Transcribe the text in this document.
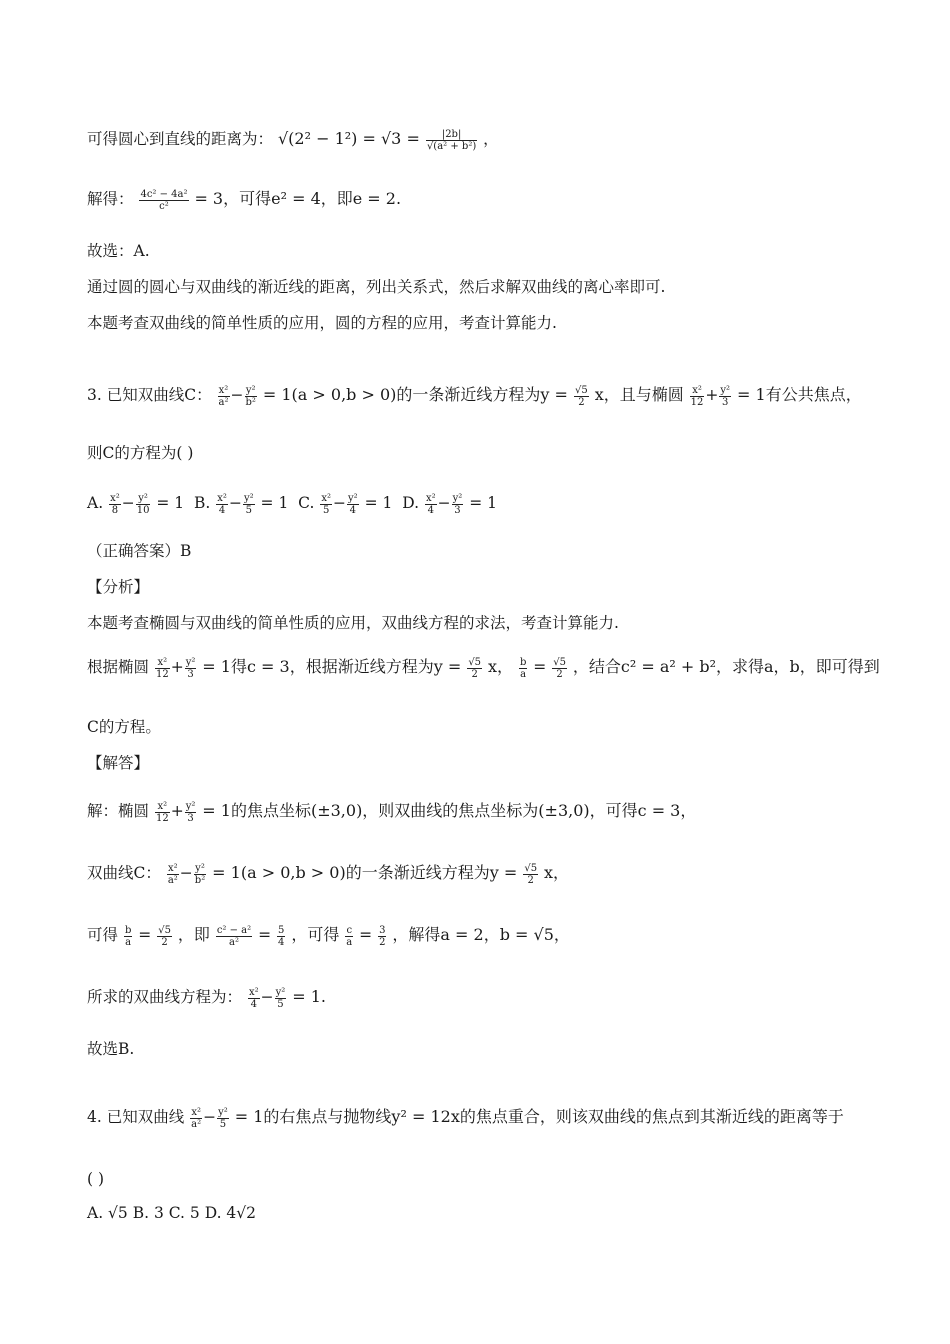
可得圆心到直线的距离为： $√(2^2 - 1^2) = √3 = \frac{|2b|}{\text{√(a² + b²)}}$ ，
解得： $\frac{\text{4c² − 4a²}}{\text{c²}} = 3$，可得e² = 4，即e = 2.
故选：A.
通过圆的圆心与双曲线的渐近线的距离，列出关系式，然后求解双曲线的离心率即可.
本题考查双曲线的简单性质的应用，圆的方程的应用，考查计算能力.
3. 已知双曲线C： $\frac{\text{x²}}{\text{a²}} - \frac{\text{y²}}{\text{b²}} = 1(a > 0,b > 0)$的一条渐近线方程为$y = \frac{√5}{2}$ x，且与椭圆 $\frac{\text{x²}}{12} + \frac{\text{y²}}{3} = 1$有公共焦点，
则C的方程为( )
A. $\frac{\text{x²}}{8} - \frac{\text{y²}}{10} = 1$  B. $\frac{\text{x²}}{4} - \frac{\text{y²}}{5} = 1$  C. $\frac{\text{x²}}{5} - \frac{\text{y²}}{4} = 1$  D. $\frac{\text{x²}}{4} - \frac{\text{y²}}{3} = 1$
（正确答案）B
【分析】
本题考查椭圆与双曲线的简单性质的应用，双曲线方程的求法，考查计算能力.
根据椭圆 $\frac{\text{x²}}{12} + \frac{\text{y²}}{3} = 1$得c = 3，根据渐近线方程为$y = \frac{√5}{2}$ x， $\frac{b}{a} = \frac{√5}{2}$ ，结合c² = a² + b²，求得a，b，即可得到
C的方程。
【解答】
解：椭圆 $\frac{\text{x²}}{12} + \frac{\text{y²}}{3} = 1$的焦点坐标(±3,0)，则双曲线的焦点坐标为(±3,0)，可得c = 3，
双曲线C： $\frac{\text{x²}}{\text{a²}} - \frac{\text{y²}}{\text{b²}} = 1(a > 0,b > 0)$的一条渐近线方程为$y = \frac{√5}{2}$ x，
可得 $\frac{b}{a} = \frac{√5}{2}$ ，即 $\frac{\text{c² − a²}}{\text{a²}} = \frac{5}{4}$ ，可得 $\frac{c}{a} = \frac{3}{2}$ ，解得a = 2，b = √5，
所求的双曲线方程为： $\frac{\text{x²}}{4} - \frac{\text{y²}}{5} = 1$.
故选B.
4. 已知双曲线 $\frac{\text{x²}}{\text{a²}} - \frac{\text{y²}}{5} = 1$的右焦点与抛物线y² = 12x的焦点重合，则该双曲线的焦点到其渐近线的距离等于
( )
A. √5 B. 3 C. 5 D. 4√2
